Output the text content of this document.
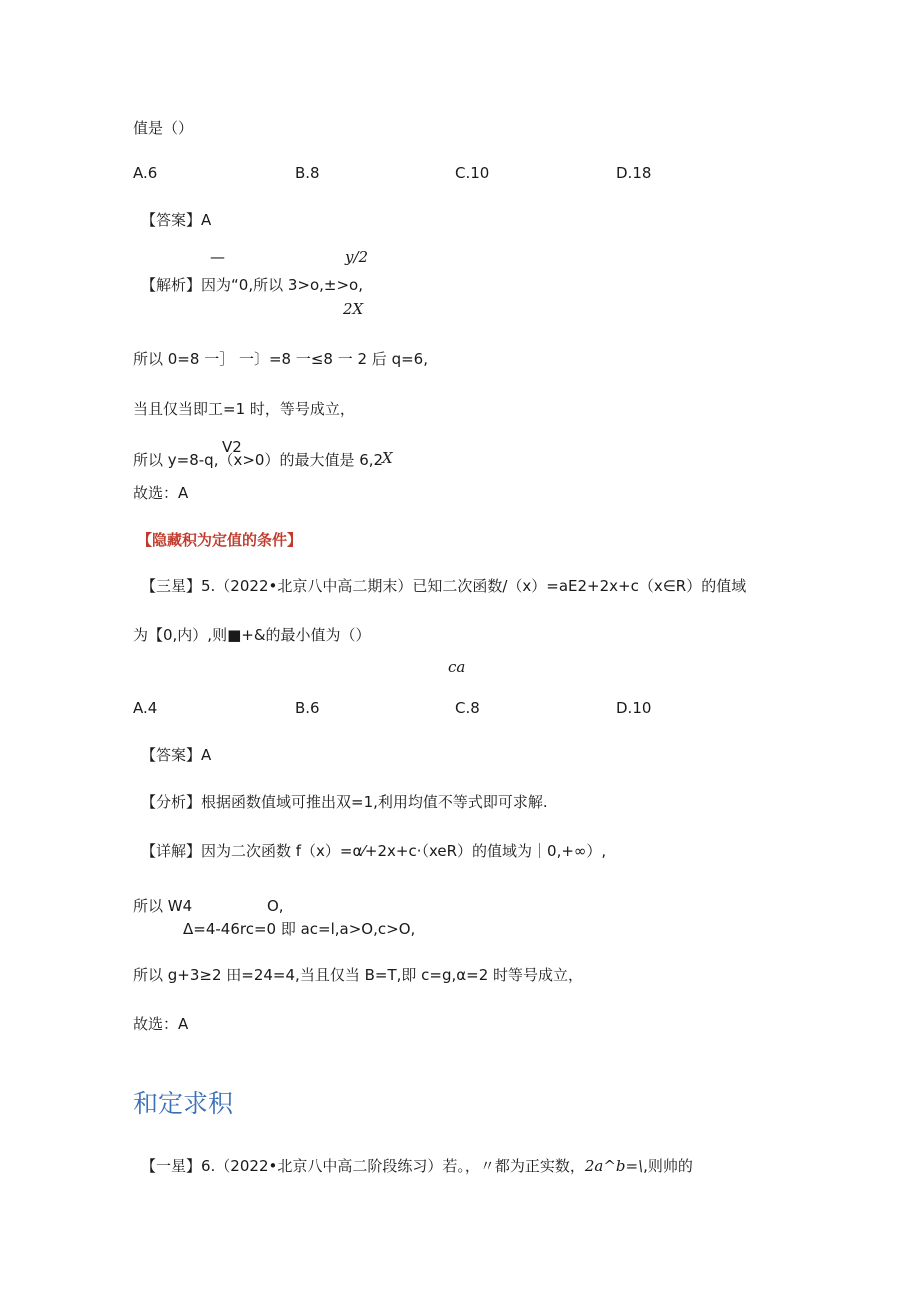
值是（）
A.6	B.8	C.10	D.18
【答案】A
—	y/2
【解析】因为“0,所以 3>o,±>o,
2X
所以 0=8 一］ 一〕=8 一≤8 一 2 后 q=6,
当且仅当即工=1 时，等号成立，
V2
所以 y=8-q,（x>0）的最大值是 6,2
X
故选：A
【隐藏积为定值的条件】
【三星】5.（2022•北京八中高二期末）已知二次函数/（x）=aE2+2x+c（x∈R）的值域
为【0,内）,则■+&的最小值为（）
ca
A.4	B.6	C.8	D.10
【答案】A
【分析】根据函数值域可推出双=1,利用均值不等式即可求解.
【详解】因为二次函数 f（x）=α⁄+2x+c·（xeR）的值域为｜0,+∞）,
所以 W4	O,
Δ=4-46rc=0 即 ac=l,a>O,c>O,
所以 g+3≥2 田=24=4,当且仅当 B=T,即 c=g,α=2 时等号成立，
故选：A
和定求积
【一星】6.（2022•北京八中高二阶段练习）若。，〃都为正实数，2a^b=\,则帅的
